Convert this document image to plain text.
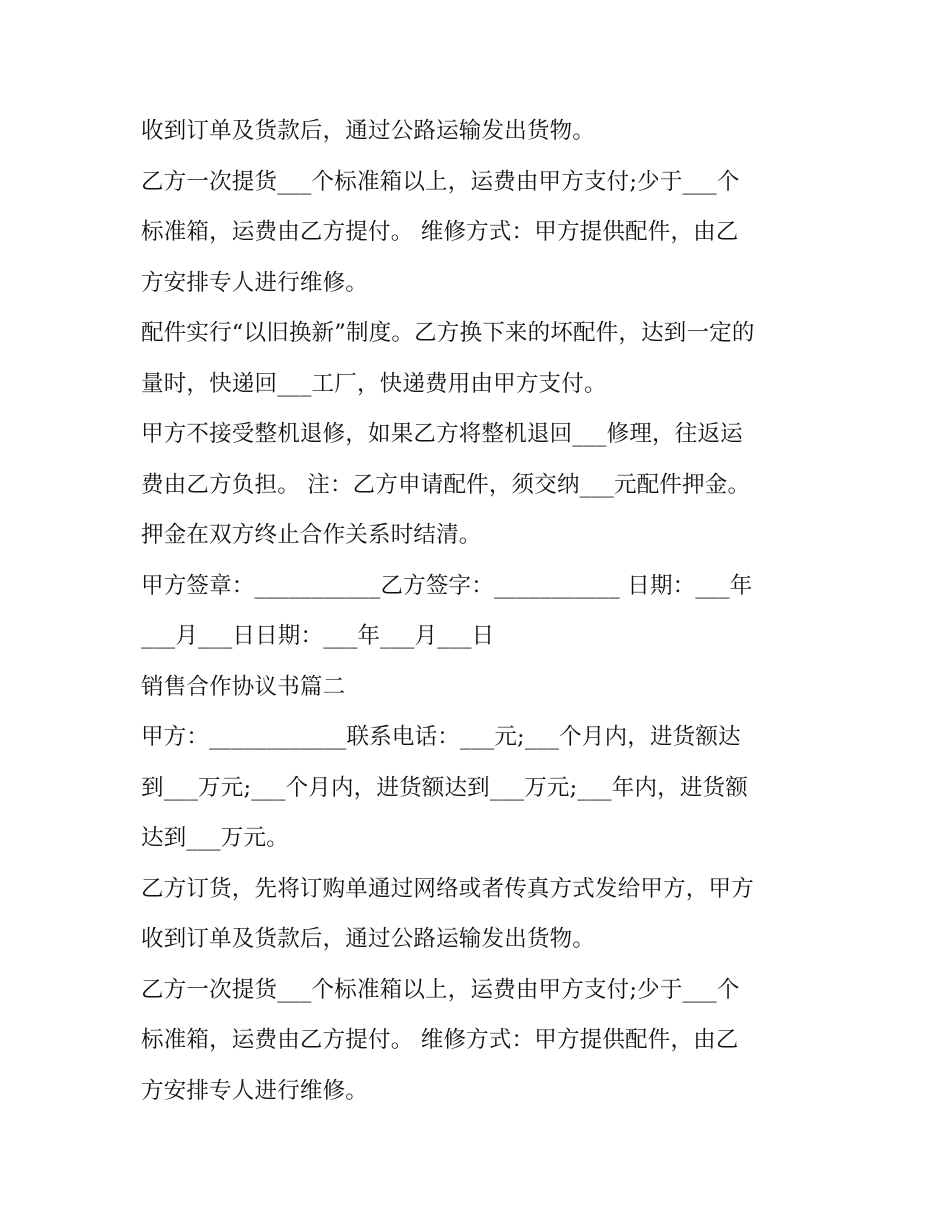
收到订单及货款后，通过公路运输发出货物。
乙方一次提货___个标准箱以上，运费由甲方支付;少于___个
标准箱，运费由乙方提付。 维修方式：甲方提供配件，由乙
方安排专人进行维修。
配件实行“以旧换新”制度。乙方换下来的坏配件，达到一定的
量时，快递回___工厂，快递费用由甲方支付。
甲方不接受整机退修，如果乙方将整机退回___修理，往返运
费由乙方负担。 注：乙方申请配件，须交纳___元配件押金。
押金在双方终止合作关系时结清。
甲方签章：___________乙方签字：___________ 日期：___年
___月___日日期：___年___月___日
销售合作协议书篇二
甲方：____________联系电话：___元;___个月内，进货额达
到___万元;___个月内，进货额达到___万元;___年内，进货额
达到___万元。
乙方订货，先将订购单通过网络或者传真方式发给甲方，甲方
收到订单及货款后，通过公路运输发出货物。
乙方一次提货___个标准箱以上，运费由甲方支付;少于___个
标准箱，运费由乙方提付。 维修方式：甲方提供配件，由乙
方安排专人进行维修。
